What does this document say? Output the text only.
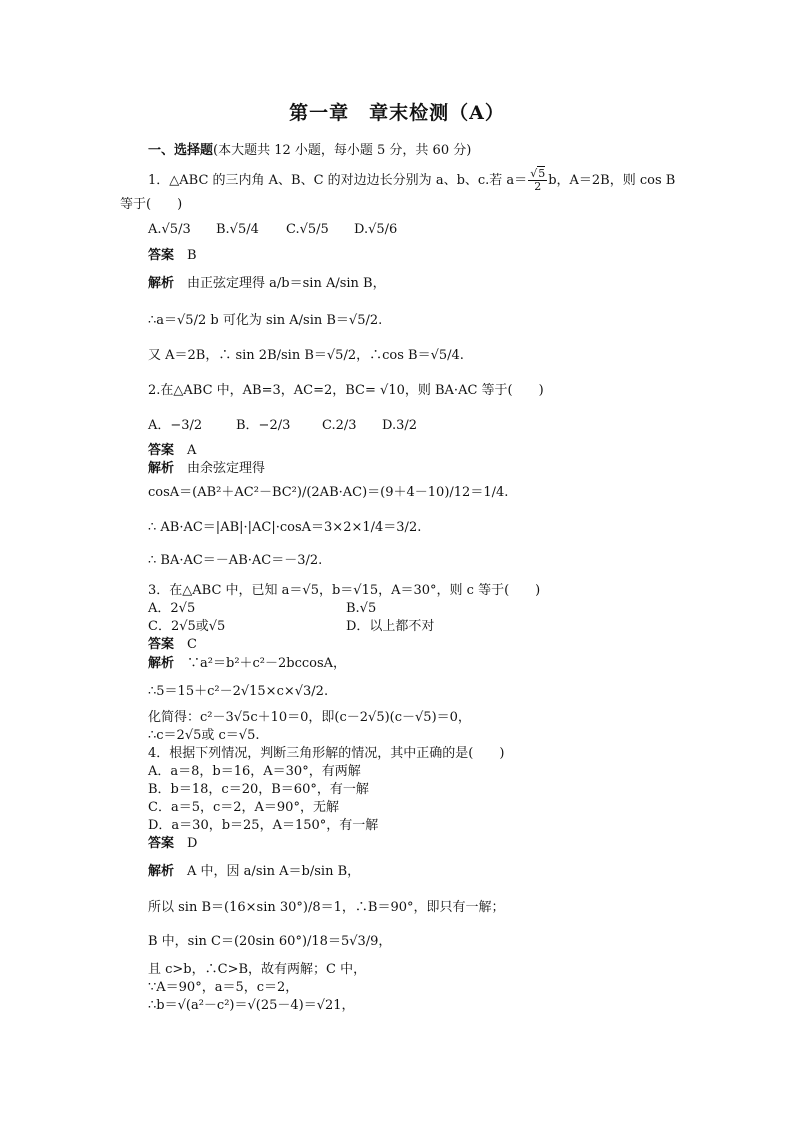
第一章　章末检测（A）
一、选择题(本大题共 12 小题，每小题 5 分，共 60 分)
1．△ABC 的三内角 A、B、C 的对边边长分别为 a、b、c.若 $a= \frac{√5}{2}$ b，A＝2B，则 cos B
等于(　　)
A.√5/3 B.√5/4 C.√5/5 D.√5/6
答案　 B
解析　 由正弦定理得 a/b＝sin A/sin B，
∴a＝√5/2 b 可化为 sin A/sin B＝√5/2.
又 A＝2B，∴ sin 2B/sin B＝√5/2，∴cos B＝√5/4.
2.在△ABC 中，AB=3，AC=2，BC= √10，则 BA·AC 等于(　　)
A．−3/2	B．−2/3 C.2/3 D.3/2
答案　 A
解析　 由余弦定理得
cosA＝(AB²＋AC²－BC²)/(2AB·AC)＝(9＋4－10)/12＝1/4.
∴ AB·AC＝|AB|·|AC|·cosA＝3×2×1/4＝3/2.
∴ BA·AC＝－AB·AC＝－3/2.
3．在△ABC 中，已知 a＝√5，b＝√15，A＝30°，则 c 等于(　　)
A．2√5	B.√5
C．2√5或√5	D．以上都不对
答案　 C
解析　 ∵a²＝b²＋c²－2bccosA，
∴5＝15＋c²－2√15×c×√3/2.
化简得：c²－3√5c＋10＝0，即(c－2√5)(c－√5)＝0，
∴c＝2√5或 c＝√5.
4．根据下列情况，判断三角形解的情况，其中正确的是(　　)
A．a＝8，b＝16，A＝30°，有两解
B．b＝18，c＝20，B＝60°，有一解
C．a＝5，c＝2，A＝90°，无解
D．a＝30，b＝25，A＝150°，有一解
答案　 D
解析　 A 中，因 a/sin A＝b/sin B，
所以 sin B＝(16×sin 30°)/8＝1，∴B＝90°，即只有一解；
B 中，sin C＝(20sin 60°)/18＝5√3/9，
且 c>b，∴C>B，故有两解；C 中，
∵A＝90°，a＝5，c＝2，
∴b＝√(a²－c²)＝√(25－4)＝√21，
